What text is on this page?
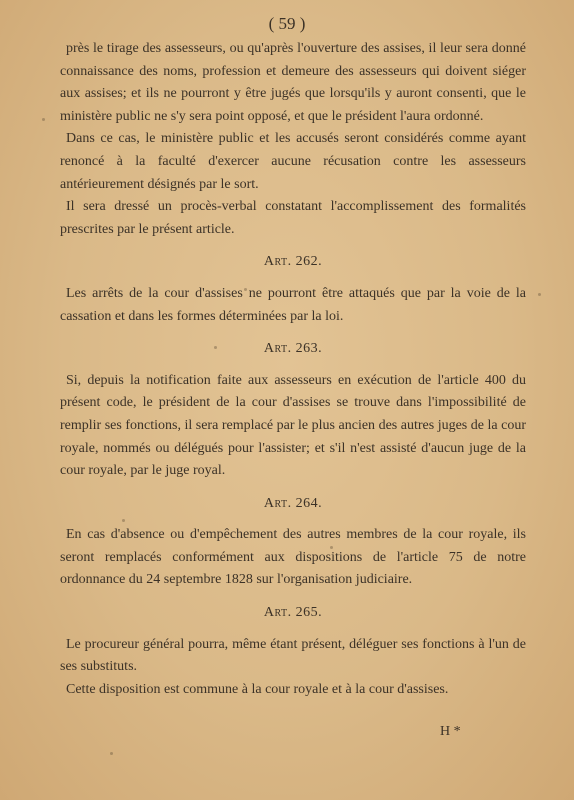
( 59 )

près le tirage des assesseurs, ou qu'après l'ouverture des assises, il leur sera donné connaissance des noms, profession et demeure des assesseurs qui doivent siéger aux assises; et ils ne pourront y être jugés que lorsqu'ils y auront consenti, que le ministère public ne s'y sera point opposé, et que le président l'aura ordonné.

Dans ce cas, le ministère public et les accusés seront considérés comme ayant renoncé à la faculté d'exercer aucune récusation contre les assesseurs antérieurement désignés par le sort.

Il sera dressé un procès-verbal constatant l'accomplissement des formalités prescrites par le présent article.

Art. 262.

Les arrêts de la cour d'assises ne pourront être attaqués que par la voie de la cassation et dans les formes déterminées par la loi.

Art. 263.

Si, depuis la notification faite aux assesseurs en exécution de l'article 400 du présent code, le président de la cour d'assises se trouve dans l'impossibilité de remplir ses fonctions, il sera remplacé par le plus ancien des autres juges de la cour royale, nommés ou délégués pour l'assister; et s'il n'est assisté d'aucun juge de la cour royale, par le juge royal.

Art. 264.

En cas d'absence ou d'empêchement des autres membres de la cour royale, ils seront remplacés conformément aux dispositions de l'article 75 de notre ordonnance du 24 septembre 1828 sur l'organisation judiciaire.

Art. 265.

Le procureur général pourra, même étant présent, déléguer ses fonctions à l'un de ses substituts.

Cette disposition est commune à la cour royale et à la cour d'assises.

H *
